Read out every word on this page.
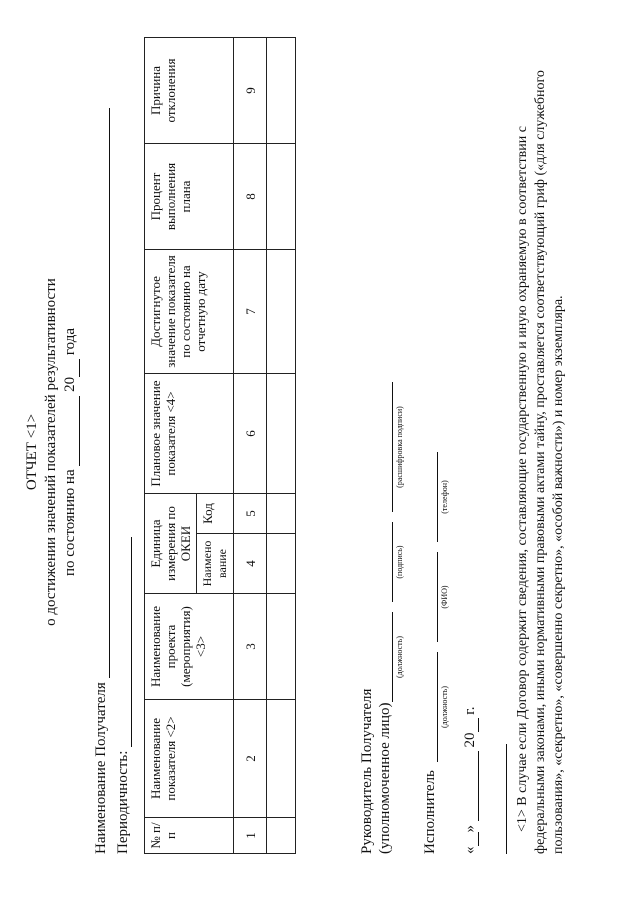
ОТЧЕТ <1> о достижении значений показателей результативности по состоянию на  20 года
Наименование Получателя Периодичность: № п/п	Наименование показателя <2>	Наименование проекта (мероприятия) <3>	Единица измерения по ОКЕИ		Плановое значение показателя <4>	Достигнутое значение показателя по состоянию на отчетную дату	Процент выполнения плана	Причина отклонения
			Наименование	Код				
1	2	3	4	5	6	7	8	9

Руководитель Получателя (уполномоченное лицо)
(должность)
(подпись)
(расшифровка подписи)
Исполнитель
(должность)
(ФИО)
(телефон)
«»  20 г.	<1> В случае если Договор содержит сведения, составляющие государственную и иную охраняемую в соответствии с федеральными законами, иными нормативными правовыми актами тайну, проставляется соответствующий гриф («для служебного пользования», «секретно», «совершенно секретно», «особой важности») и номер экземпляра.
